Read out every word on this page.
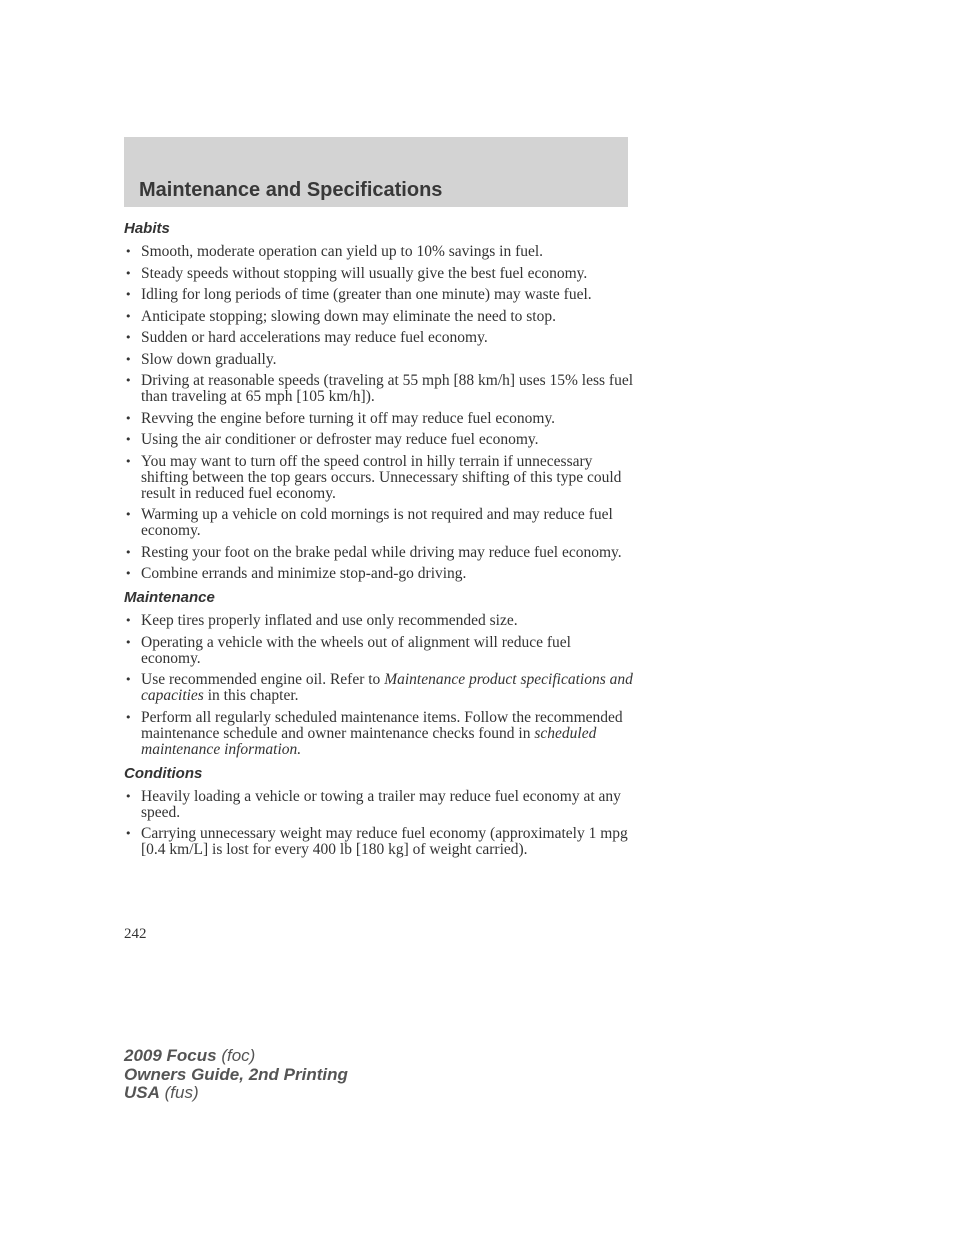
Maintenance and Specifications
Habits
• Smooth, moderate operation can yield up to 10% savings in fuel.
• Steady speeds without stopping will usually give the best fuel economy.
• Idling for long periods of time (greater than one minute) may waste fuel.
• Anticipate stopping; slowing down may eliminate the need to stop.
• Sudden or hard accelerations may reduce fuel economy.
• Slow down gradually.
• Driving at reasonable speeds (traveling at 55 mph [88 km/h] uses 15% less fuel than traveling at 65 mph [105 km/h]).
• Revving the engine before turning it off may reduce fuel economy.
• Using the air conditioner or defroster may reduce fuel economy.
• You may want to turn off the speed control in hilly terrain if unnecessary shifting between the top gears occurs. Unnecessary shifting of this type could result in reduced fuel economy.
• Warming up a vehicle on cold mornings is not required and may reduce fuel economy.
• Resting your foot on the brake pedal while driving may reduce fuel economy.
• Combine errands and minimize stop-and-go driving.
Maintenance
• Keep tires properly inflated and use only recommended size.
• Operating a vehicle with the wheels out of alignment will reduce fuel economy.
• Use recommended engine oil. Refer to Maintenance product specifications and capacities in this chapter.
• Perform all regularly scheduled maintenance items. Follow the recommended maintenance schedule and owner maintenance checks found in scheduled maintenance information.
Conditions
• Heavily loading a vehicle or towing a trailer may reduce fuel economy at any speed.
• Carrying unnecessary weight may reduce fuel economy (approximately 1 mpg [0.4 km/L] is lost for every 400 lb [180 kg] of weight carried).
242
2009 Focus (foc)
Owners Guide, 2nd Printing
USA (fus)
